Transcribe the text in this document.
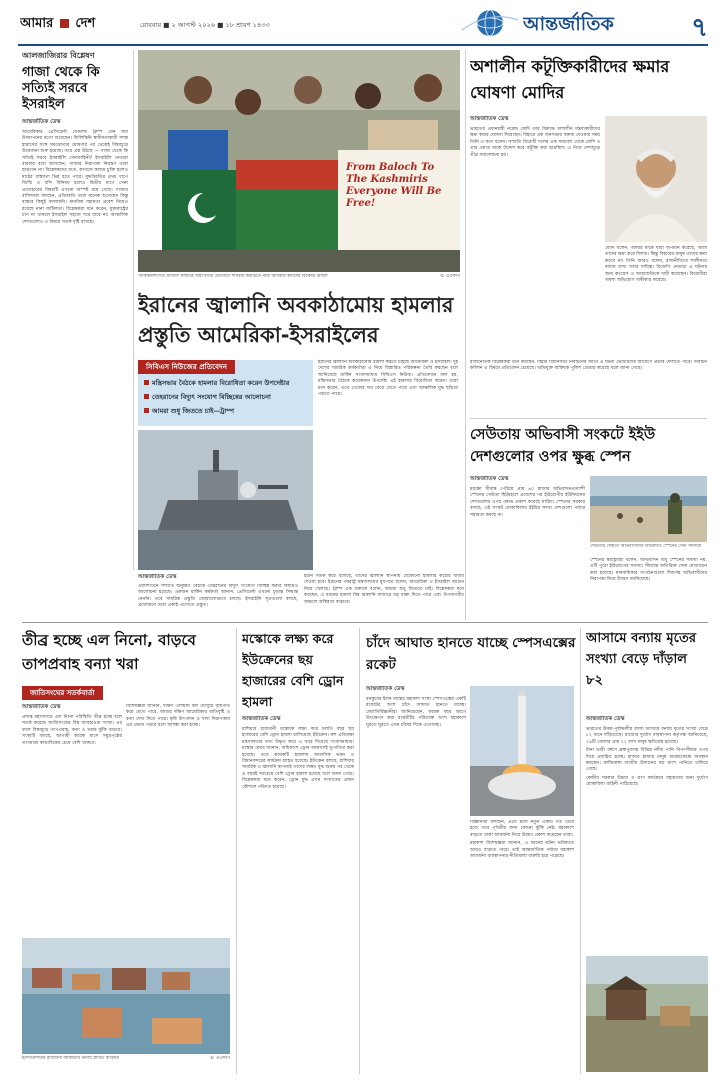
আমার দেশ	রোববার ■ ২ আগস্ট ২০২৬ ■ ১৮ শ্রাবণ ১৪৩৩	আন্তর্জাতিক	৭
আলজাজিরার বিশ্লেষণ
গাজা থেকে কি সত্যিই সরবে ইসরাইল
আন্তর্জাতিক ডেস্ক
আমেরিকার প্রেসিডেন্ট ডোনাল্ড ট্রাম্প যেন জয় উদযাপনের মতো শুরেছেন। ফিলিস্তিনি স্বাধীনতাকামী সশস্ত্র হামাসের সঙ্গে সমঝোতার ঘোষণার পর থেকেই বিশ্বজুড়ে উত্তেজনা শুরু হয়েছে। তবে প্রশ্ন উঠছে — গাজা থেকে কি সত্যিই সরবে ইসরাইলি সেনাবাহিনী? ইসরাইলি নেতারা বারবার বলে আসছেন, গাজার নিরাপত্তা নিয়ন্ত্রণ তারা ছাড়বেন না। বিশ্লেষকদের মতে, কাগজে কলমে চুক্তি হলেও মাঠের বাস্তবতা ভিন্ন হতে পারে। যুদ্ধবিরতির প্রথম ধাপে জিম্মি ও বন্দি বিনিময় হলেও দ্বিতীয় ধাপে সেনা প্রত্যাহারের বিষয়টি এখনো অস্পষ্ট রয়ে গেছে। গাজার বাসিন্দারা বলছেন, প্রতিশ্রুতি তারা অনেক শুনেছেন কিন্তু বাস্তবে কিছুই বদলায়নি। মানবিক সহায়তা প্রবেশ নিয়েও রয়েছে নানা জটিলতা। বিশ্লেষকরা মনে করেন, যুক্তরাষ্ট্রের চাপ না থাকলে ইসরাইল সহজে সরে যাবে না। আঞ্চলিক দেশগুলোও এ বিষয়ে সতর্ক দৃষ্টি রাখছে।
From Baloch To The Kashmiris Everyone Will Be Free!
পাকিস্তানশাসিত আজাদ কাশ্মীরে সহিংসতার প্রতিবাদে শনিবার করাচিতে নারী অধিকার কর্মীদের বিক্ষোভ মিছিল	© এএফপি
ইরানের জ্বালানি অবকাঠামোয় হামলার প্রস্তুতি আমেরিকা-ইসরাইলের
সিবিএস নিউজের প্রতিবেদন
মন্ত্রিসভার বৈঠকে হামলার বিরোধিতা করেন উপদেষ্টার
তেহরানের বিদ্যুৎ সংযোগ বিচ্ছিন্নের আলোচনা
আমরা শুধু জিততে চাই—ট্রাম্প
ইরানের জ্বালানি অবকাঠামোয় হামলা করতে চাইছে আমেরিকা ও ইসরাইল। দুই দেশের সামরিক কর্মকর্তারা এ নিয়ে বিস্তারিত পরিকল্পনা তৈরি করছেন বলে জানিয়েছে মার্কিন সংবাদমাধ্যম সিবিএস নিউজ। প্রতিবেদনে বলা হয়, মন্ত্রিসভার বৈঠকে কয়েকজন উপদেষ্টা এই হামলার বিরোধিতা করেন। তারা মনে করেন, এতে তেলের দাম বেড়ে যেতে পারে এবং আঞ্চলিক যুদ্ধ ছড়িয়ে পড়তে পারে।
আন্তর্জাতিক ডেস্ক
ওয়াশিংটনে সম্প্রতি অনুষ্ঠিত বৈঠকে তেহরানের বিদ্যুৎ সংযোগ বিচ্ছিন্ন করার বিষয়েও আলোচনা হয়েছে। একজন মার্কিন কর্মকর্তা জানান, প্রেসিডেন্ট এখনো চূড়ান্ত সিদ্ধান্ত নেননি। তবে সামরিক প্রস্তুতি জোরালোভাবে চলছে। ইসরাইলি সূত্রগুলো বলছে, প্রয়োজনে তারা একাই এগোতে প্রস্তুত।
ইরান সতর্ক করে বলেছে, তাদের জ্বালানি স্থাপনায় যেকোনো হামলার কঠোর জবাব দেওয়া হবে। ইরানের পররাষ্ট্র মন্ত্রণালয়ের মুখপাত্র বলেন, আমেরিকা ও ইসরাইল আগুন নিয়ে খেলছে। ট্রাম্প এক বক্তব্যে বলেন, আমরা শুধু জিততে চাই। বিশ্লেষকরা মনে করছেন, এ ধরনের হামলা বিশ্ব জ্বালানি বাজারে বড় ধাক্কা দিতে পারে এবং উপসাগরীয় অঞ্চলে অস্থিরতা বাড়াবে।
অশালীন কটূক্তিকারীদের ক্ষমার ঘোষণা মোদির
আন্তর্জাতিক ডেস্ক
ভারতের প্রধানমন্ত্রী নরেন্দ্র মোদি তার বিরুদ্ধে অশালীন মন্তব্যকারীদের ক্ষমা করার ঘোষণা দিয়েছেন। বিহারে এক জনসভায় বক্তব্য দেওয়ার সময় তিনি এ কথা বলেন। সম্প্রতি বিরোধী দলের এক সমাবেশ থেকে মোদি ও তার প্রয়াত মাকে উদ্দেশ করে কটূক্তি করা হয়েছিল। এ নিয়ে দেশজুড়ে তীব্র সমালোচনা হয়।
মোদি বলেন, আমার মাকে যারা অপমান করেছে, আমি তাদের ক্ষমা করে দিলাম। কিন্তু বিহারের মানুষ তাদের ক্ষমা করবে না। তিনি আরও বলেন, রাজনীতিতে শালীনতা বজায় রাখা সবার দায়িত্ব। বিজেপি নেতারা এ ঘটনার জন্য কংগ্রেস ও আরজেডিকে দায়ী করেছেন। বিরোধীরা অবশ্য অভিযোগ অস্বীকার করেছে।
রাজনৈতিক বিশ্লেষকরা মনে করছেন, বিহার বিধানসভা নির্বাচনের আগে এ ঘটনা ভোটারদের আবেগে প্রভাব ফেলতে পারে। নির্বাচন কমিশন এ বিষয়ে প্রতিবেদন চেয়েছে। অভিযুক্ত ব্যক্তিকে পুলিশ গ্রেপ্তার করেছে বলে জানা গেছে।
সেউতায় অভিবাসী সংকটে ইইউ দেশগুলোর ওপর ক্ষুব্ধ স্পেন
আন্তর্জাতিক ডেস্ক
মরক্কো সীমান্ত পেরিয়ে প্রায় ৬০ হাজার অভিবাসনপ্রত্যাশী স্পেনের সেউতা ছিটমহলে প্রবেশের পর ইউরোপীয় ইউনিয়নের দেশগুলোর ওপর ক্ষোভ প্রকাশ করেছে মাদ্রিদ। স্পেনের সরকার বলছে, এই সংকট মোকাবিলায় ইইউর সদস্য দেশগুলো পর্যাপ্ত সহায়তা করছে না।
সেউতার সৈকতে অভিবাসীদের আটকাতে স্পেনের সেনা সদস্যরা
স্পেনের স্বরাষ্ট্রমন্ত্রী বলেন, অভিবাসন শুধু স্পেনের সমস্যা নয়, এটি পুরো ইউরোপের সমস্যা। সীমান্তে অতিরিক্ত সেনা মোতায়েন করা হয়েছে। মানবাধিকার সংগঠনগুলো শিশুসহ অভিবাসীদের নিরাপত্তা নিয়ে উদ্বেগ জানিয়েছে।
তীব্র হচ্ছে এল নিনো, বাড়বে তাপপ্রবাহ বন্যা খরা
জাতিসংঘের সতর্কবার্তা
আন্তর্জাতিক ডেস্ক
প্রশান্ত মহাসাগরে এল নিনো পরিস্থিতি তীব্র হচ্ছে বলে সতর্ক করেছে জাতিসংঘের বিশ্ব আবহাওয়া সংস্থা। এর ফলে বিশ্বজুড়ে তাপপ্রবাহ, বন্যা ও খরার ঝুঁকি বাড়বে। সংস্থাটি বলছে, আগামী কয়েক মাসে সমুদ্রপৃষ্ঠের তাপমাত্রা স্বাভাবিকের চেয়ে বেশি থাকবে।
বিশেষজ্ঞরা জানান, দক্ষিণ এশিয়ায় বর্ষা মৌসুমে বৃষ্টিপাত কমে যেতে পারে, আবার দক্ষিণ আমেরিকায় অতিবৃষ্টি ও বন্যা দেখা দিতে পারে। কৃষি উৎপাদন ও খাদ্য নিরাপত্তায় এর প্রভাব পড়বে বলে আশঙ্কা করা হচ্ছে।
ইন্দোনেশিয়ার রাজধানী জাকার্তায় বন্যায় প্লাবিত বাড়িঘর	© এএফপি
মস্কোকে লক্ষ্য করে ইউক্রেনের ছয় হাজারের বেশি ড্রোন হামলা
আন্তর্জাতিক ডেস্ক
রাশিয়ার রাজধানী মস্কোকে লক্ষ্য করে চলতি বছর ছয় হাজারের বেশি ড্রোন হামলা চালিয়েছে ইউক্রেন। রুশ প্রতিরক্ষা মন্ত্রণালয়ের তথ্য উদ্ধৃত করে এ খবর দিয়েছে সংবাদমাধ্যম। মস্কোর মেয়র জানান, অধিকাংশ ড্রোন আকাশেই ভূপাতিত করা হয়েছে। তবে কয়েকটি হামলায় আবাসিক ভবন ও বিমানবন্দরের কার্যক্রম ব্যাহত হয়েছে। ইউক্রেন বলছে, রাশিয়ার সামরিক ও জ্বালানি স্থাপনাই তাদের লক্ষ্য। যুদ্ধ শুরুর পর থেকে এ বছরই সবচেয়ে বেশি ড্রোন হামলা হয়েছে বলে জানা গেছে। বিশ্লেষকরা মনে করেন, ড্রোন যুদ্ধ এখন সংঘাতের প্রধান কৌশলে পরিণত হয়েছে।
চাঁদে আঘাত হানতে যাচ্ছে স্পেসএক্সের রকেট
আন্তর্জাতিক ডেস্ক
ধনকুবের ইলন মাস্কের মহাকাশ সংস্থা স্পেসএক্সের একটি রকেটের অংশ চাঁদে আঘাত হানতে যাচ্ছে। জ্যোতির্বিজ্ঞানীরা জানিয়েছেন, কয়েক বছর আগে উৎক্ষেপণ করা রকেটটির পরিত্যক্ত অংশ মহাকাশে ঘুরতে ঘুরতে এখন চাঁদের দিকে এগোচ্ছে।
বিজ্ঞানীরা বলছেন, এতে চাঁদে নতুন একটি গর্ত তৈরি হবে। তবে পৃথিবীর জন্য কোনো ঝুঁকি নেই। মহাকাশে বাড়তে থাকা আবর্জনা নিয়ে উদ্বেগ প্রকাশ করেছেন তারা।
মহাকাশ বিশেষজ্ঞরা জানান, এ ধরনের ঘটনা ভবিষ্যতে আরও বাড়তে পারে। তাই আন্তর্জাতিক পর্যায়ে মহাকাশ আবর্জনা ব্যবস্থাপনার নীতিমালা জরুরি হয়ে পড়েছে।
আসামে বন্যায় মৃতের সংখ্যা বেড়ে দাঁড়াল ৮২
আন্তর্জাতিক ডেস্ক
ভারতের উত্তর-পূর্বাঞ্চলীয় রাজ্য আসামে বন্যায় মৃতের সংখ্যা বেড়ে ৮২ জনে দাঁড়িয়েছে। রাজ্যের দুর্যোগ ব্যবস্থাপনা কর্তৃপক্ষ জানিয়েছে, ২৯টি জেলার প্রায় ২২ লাখ মানুষ ক্ষতিগ্রস্ত হয়েছে।
টানা ভারী বর্ষণে ব্রহ্মপুত্রসহ বিভিন্ন নদীর পানি বিপৎসীমার ওপর দিয়ে প্রবাহিত হচ্ছে। হাজার হাজার মানুষ আশ্রয়কেন্দ্রে অবস্থান করছেন। কাজিরাঙ্গা জাতীয় উদ্যানের বড় অংশ পানিতে তলিয়ে গেছে।
কেন্দ্রীয় সরকার উদ্ধার ও ত্রাণ কার্যক্রমে সহায়তার জন্য দুর্যোগ মোকাবিলা বাহিনী পাঠিয়েছে।
